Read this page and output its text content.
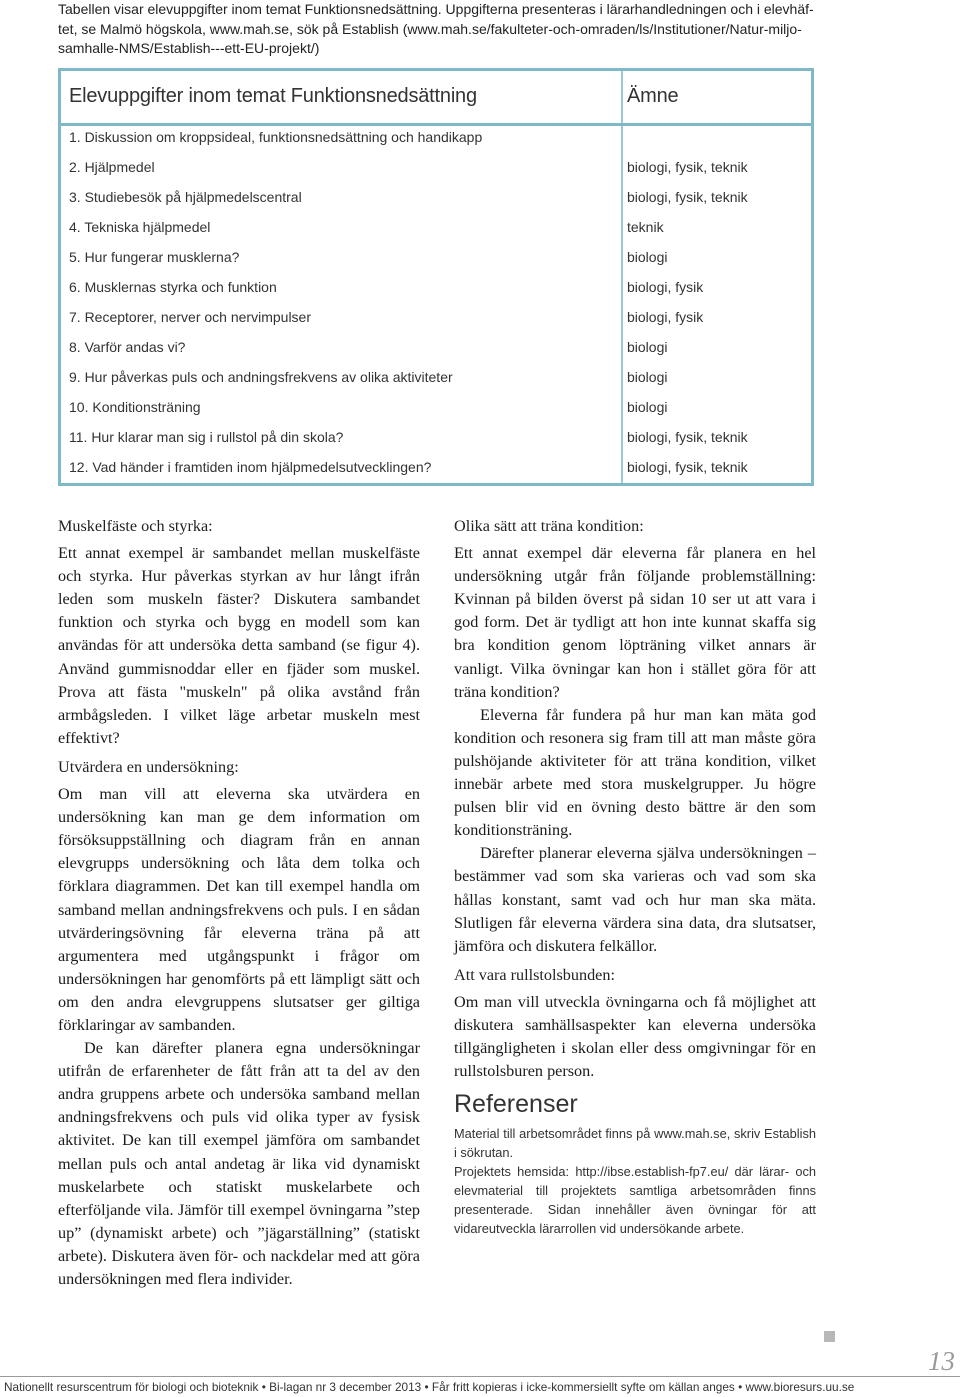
Tabellen visar elevuppgifter inom temat Funktionsnedsättning. Uppgifterna presenteras i lärarhandledningen och i elevhäf-
tet, se Malmö högskola, www.mah.se, sök på Establish (www.mah.se/fakulteter-och-omraden/ls/Institutioner/Natur-miljo-
samhalle-NMS/Establish---ett-EU-projekt/)
Elevuppgifter inom temat Funktionsnedsättning	Ämne
1. Diskussion om kroppsideal, funktionsnedsättning och handikapp
2. Hjälpmedel	biologi, fysik, teknik
3. Studiebesök på hjälpmedelscentral	biologi, fysik, teknik
4. Tekniska hjälpmedel	teknik
5. Hur fungerar musklerna?	biologi
6. Musklernas styrka och funktion	biologi, fysik
7. Receptorer, nerver och nervimpulser	biologi, fysik
8. Varför andas vi?	biologi
9. Hur påverkas puls och andningsfrekvens av olika aktiviteter	biologi
10. Konditionsträning	biologi
11. Hur klarar man sig i rullstol på din skola?	biologi, fysik, teknik
12. Vad händer i framtiden inom hjälpmedelsutvecklingen?	biologi, fysik, teknik
Muskelfäste och styrka:

Ett annat exempel är sambandet mellan muskelfäste och styrka. Hur påverkas styrkan av hur långt ifrån leden som muskeln fäster? Diskutera sambandet funktion och styrka och bygg en modell som kan användas för att undersöka detta samband (se figur 4). Använd gummisnoddar eller en fjäder som muskel. Prova att fästa "muskeln" på olika avstånd från armbågsleden. I vilket läge arbetar muskeln mest effektivt?

Utvärdera en undersökning:

Om man vill att eleverna ska utvärdera en undersökning kan man ge dem information om försöksuppställning och diagram från en annan elevgrupps undersökning och låta dem tolka och förklara diagrammen. Det kan till exempel handla om samband mellan andningsfrekvens och puls. I en sådan utvärderingsövning får eleverna träna på att argumentera med utgångspunkt i frågor om undersökningen har genomförts på ett lämpligt sätt och om den andra elevgruppens slutsatser ger giltiga förklaringar av sambanden.

De kan därefter planera egna undersökningar utifrån de erfarenheter de fått från att ta del av den andra gruppens arbete och undersöka samband mellan andningsfrekvens och puls vid olika typer av fysisk aktivitet. De kan till exempel jämföra om sambandet mellan puls och antal andetag är lika vid dynamiskt muskelarbete och statiskt muskelarbete och efterföljande vila. Jämför till exempel övningarna ”step up” (dynamiskt arbete) och ”jägarställning” (statiskt arbete). Diskutera även för- och nackdelar med att göra undersökningen med flera individer.

Olika sätt att träna kondition:

Ett annat exempel där eleverna får planera en hel undersökning utgår från följande problemställning: Kvinnan på bilden överst på sidan 10 ser ut att vara i god form. Det är tydligt att hon inte kunnat skaffa sig bra kondition genom löpträning vilket annars är vanligt. Vilka övningar kan hon i stället göra för att träna kondition?

Eleverna får fundera på hur man kan mäta god kondition och resonera sig fram till att man måste göra pulshöjande aktiviteter för att träna kondition, vilket innebär arbete med stora muskelgrupper. Ju högre pulsen blir vid en övning desto bättre är den som konditionsträning.

Därefter planerar eleverna själva undersökningen – bestämmer vad som ska varieras och vad som ska hållas konstant, samt vad och hur man ska mäta. Slutligen får eleverna värdera sina data, dra slutsatser, jämföra och diskutera felkällor.

Att vara rullstolsbunden:

Om man vill utveckla övningarna och få möjlighet att diskutera samhällsaspekter kan eleverna undersöka tillgängligheten i skolan eller dess omgivningar för en rullstolsburen person.

Referenser

Material till arbetsområdet finns på www.mah.se, skriv Establish i sökrutan.

Projektets hemsida: http://ibse.establish-fp7.eu/ där lärar- och elevmaterial till projektets samtliga arbetsområden finns presenterade. Sidan innehåller även övningar för att vidareutveckla lärarrollen vid undersökande arbete.

13
Nationellt resurscentrum för biologi och bioteknik • Bi-lagan nr 3 december 2013 • Får fritt kopieras i icke-kommersiellt syfte om källan anges • www.bioresurs.uu.se
